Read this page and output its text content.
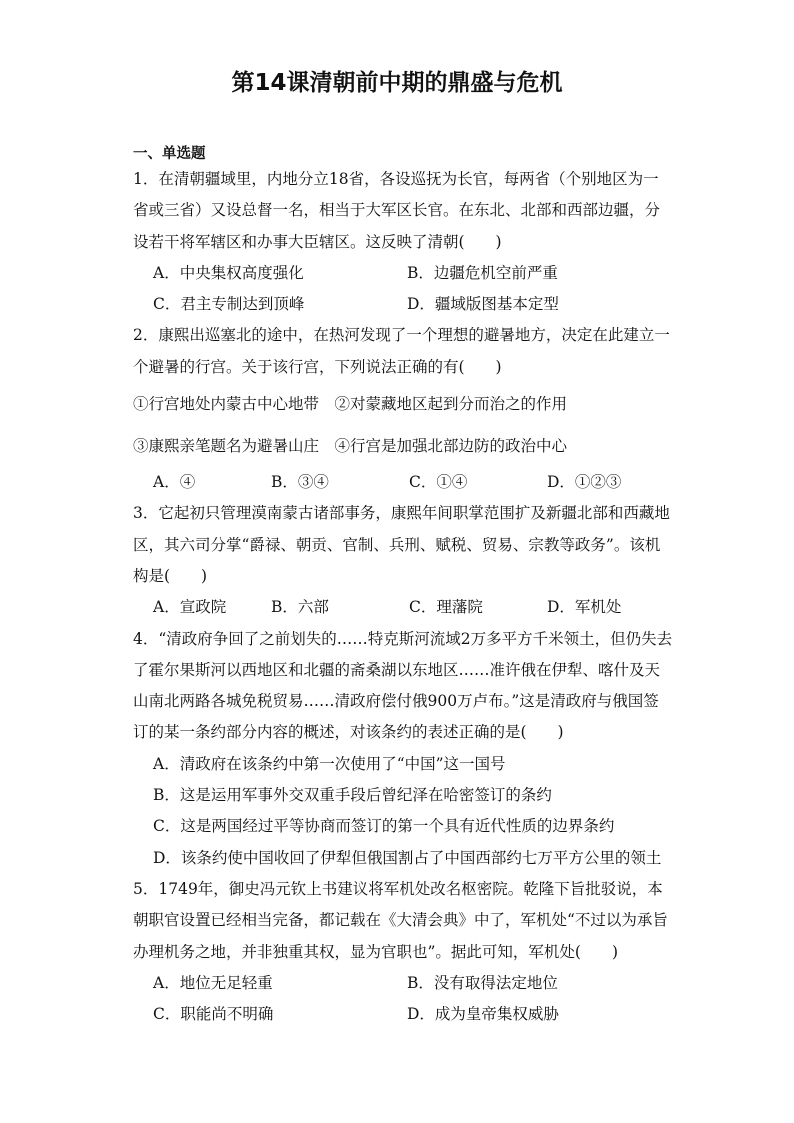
第14课清朝前中期的鼎盛与危机
一、单选题

1．在清朝疆域里，内地分立18省，各设巡抚为长官，每两省（个别地区为一省或三省）又设总督一名，相当于大军区长官。在东北、北部和西部边疆，分设若干将军辖区和办事大臣辖区。这反映了清朝(　　)

A．中央集权高度强化	B．边疆危机空前严重
C．君主专制达到顶峰	D．疆域版图基本定型

2．康熙出巡塞北的途中，在热河发现了一个理想的避暑地方，决定在此建立一个避暑的行宫。关于该行宫，下列说法正确的有(　　)

①行宫地处内蒙古中心地带　②对蒙藏地区起到分而治之的作用
③康熙亲笔题名为避暑山庄　④行宫是加强北部边防的政治中心
A．④	B．③④	C．①④	D．①②③

3．它起初只管理漠南蒙古诸部事务，康熙年间职掌范围扩及新疆北部和西藏地区，其六司分掌“爵禄、朝贡、官制、兵刑、赋税、贸易、宗教等政务”。该机构是(　　)

A．宣政院	B．六部	C．理藩院	D．军机处

4．“清政府争回了之前划失的……特克斯河流域2万多平方千米领土，但仍失去了霍尔果斯河以西地区和北疆的斋桑湖以东地区……准许俄在伊犁、喀什及天山南北两路各城免税贸易……清政府偿付俄900万卢布。”这是清政府与俄国签订的某一条约部分内容的概述，对该条约的表述正确的是(　　)

A．清政府在该条约中第一次使用了“中国”这一国号
B．这是运用军事外交双重手段后曾纪泽在哈密签订的条约
C．这是两国经过平等协商而签订的第一个具有近代性质的边界条约
D．该条约使中国收回了伊犁但俄国割占了中国西部约七万平方公里的领土

5．1749年，御史冯元钦上书建议将军机处改名枢密院。乾隆下旨批驳说，本朝职官设置已经相当完备，都记载在《大清会典》中了，军机处“不过以为承旨办理机务之地，并非独重其权，显为官职也”。据此可知，军机处(　　)

A．地位无足轻重	B．没有取得法定地位
C．职能尚不明确	D．成为皇帝集权威胁
